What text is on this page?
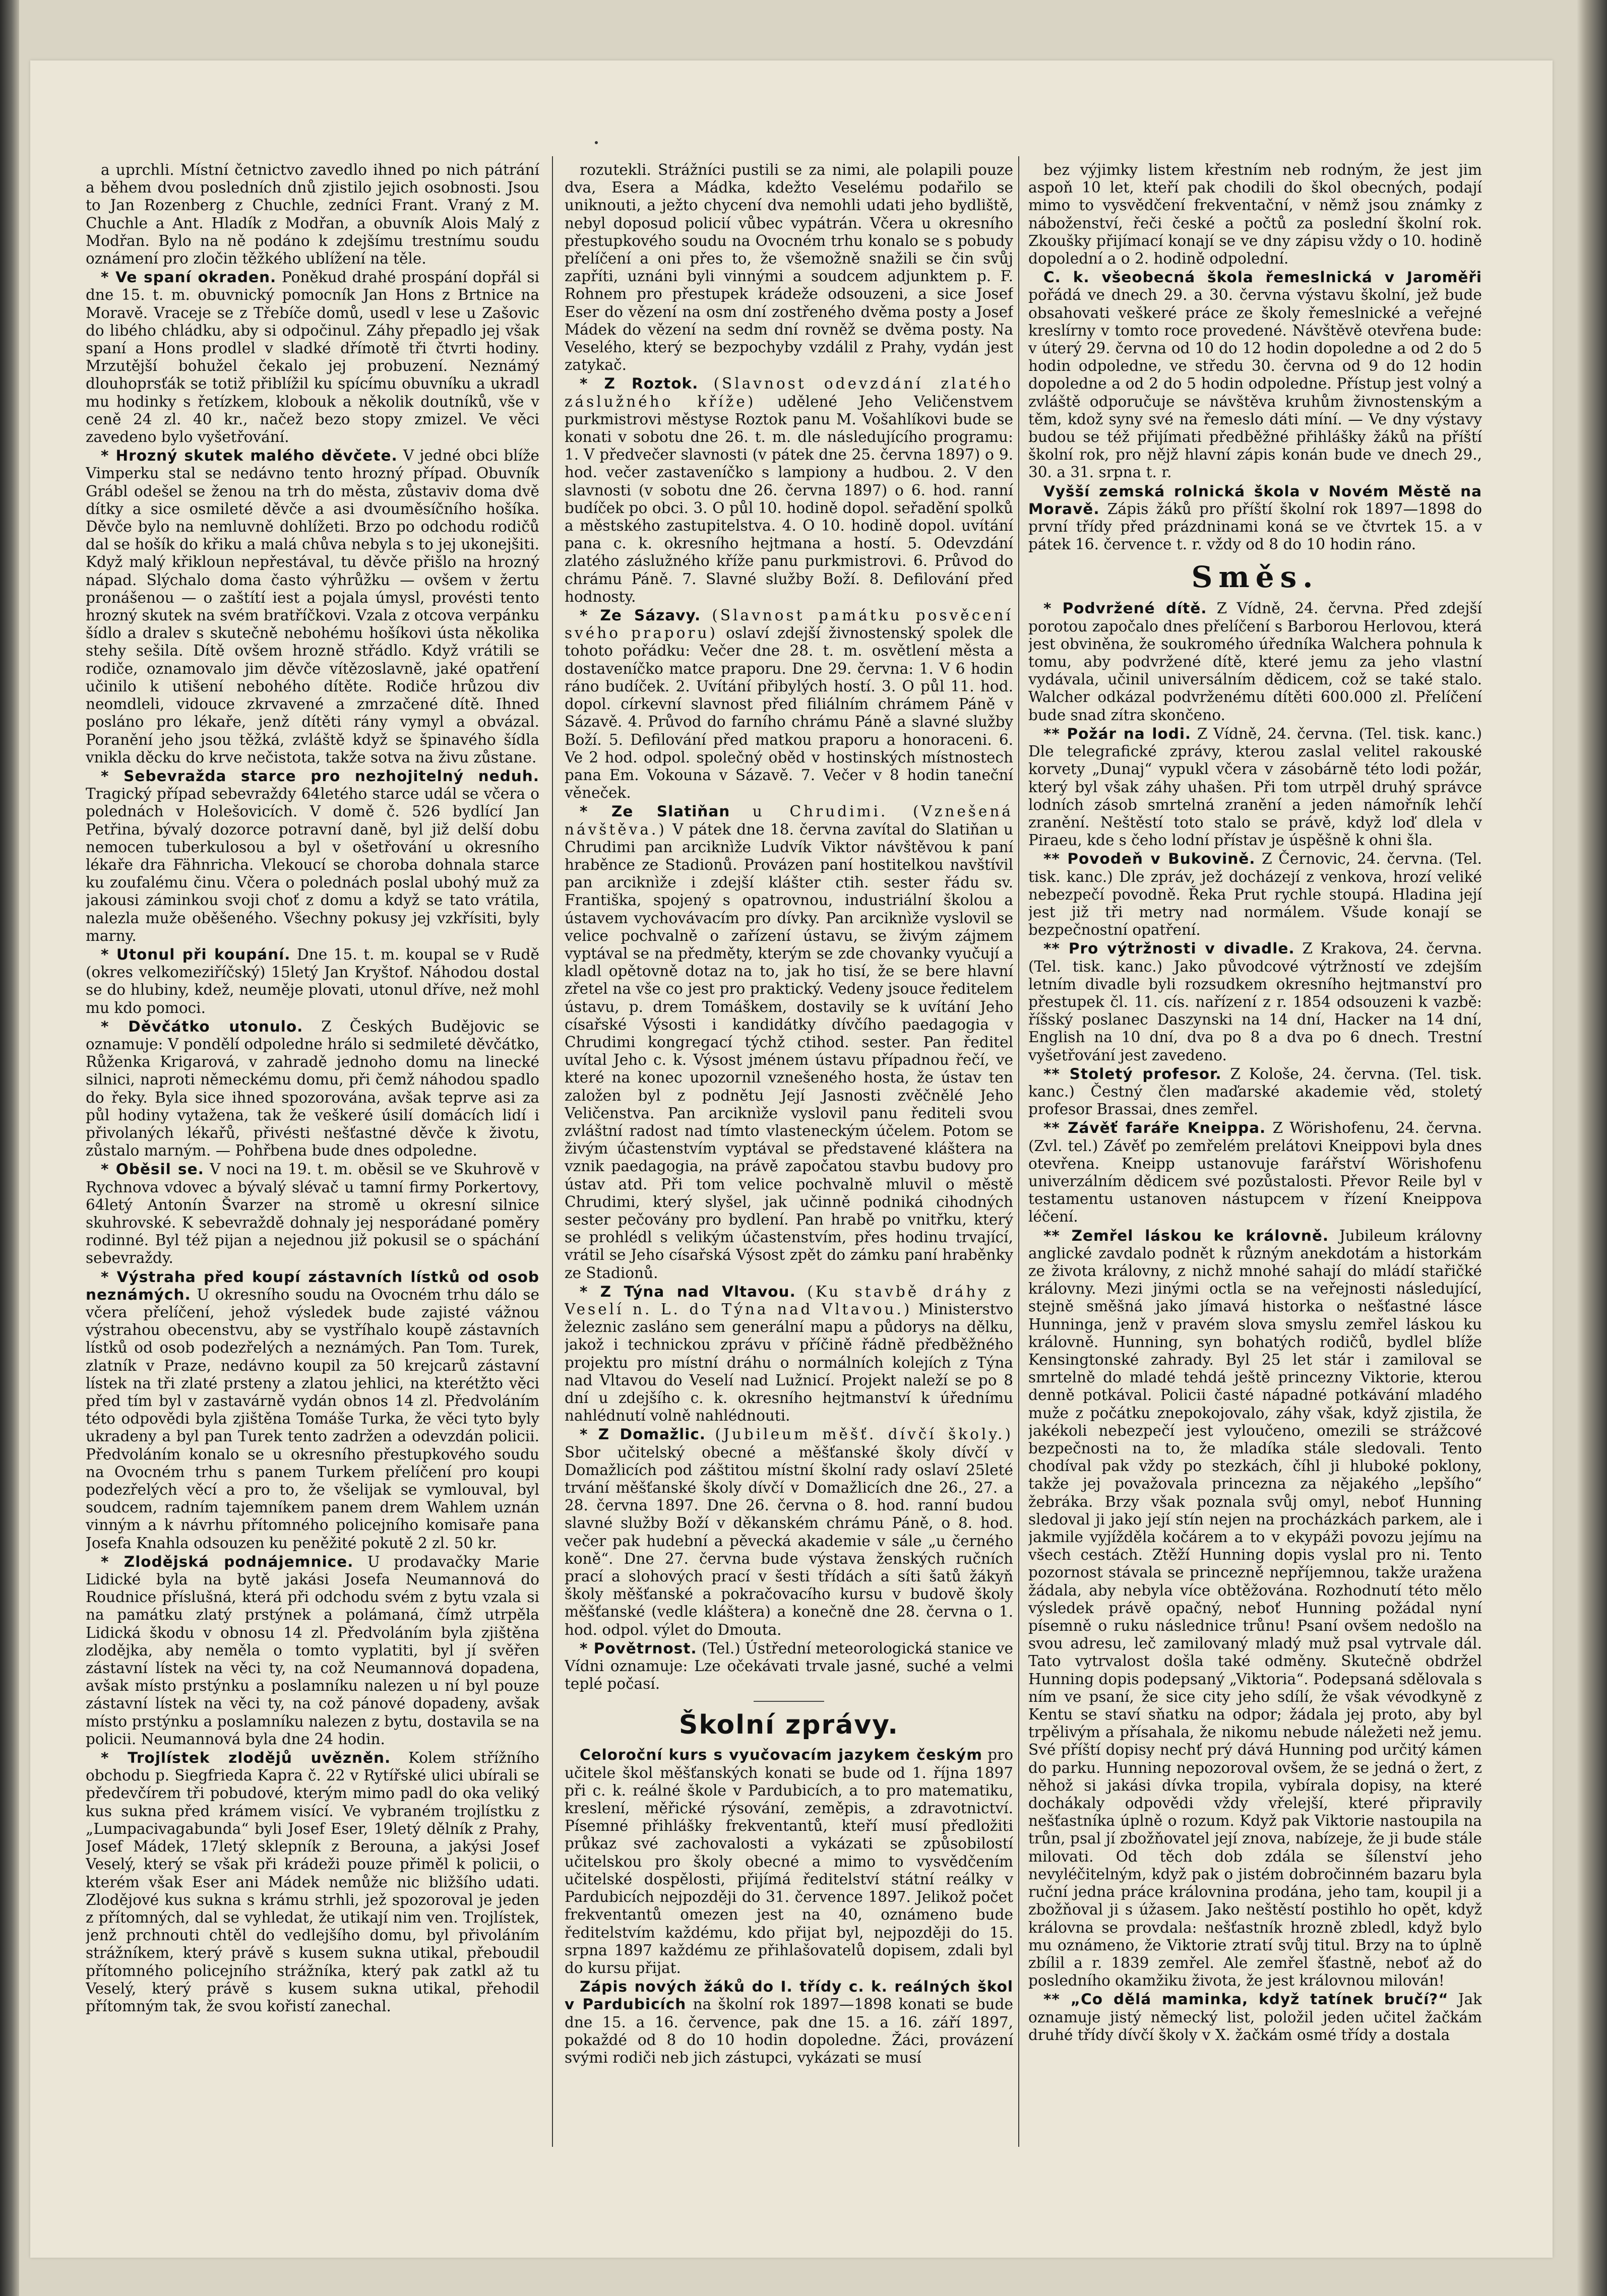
a uprchli. Místní četnictvo zavedlo ihned po nich pátrání a během dvou posledních dnů zjistilo jejich osobnosti. Jsou to Jan Rozenberg z Chuchle, zedníci Frant. Vraný z M. Chuchle a Ant. Hladík z Modřan, a obuvník Alois Malý z Modřan. Bylo na ně podáno k zdejšímu trestnímu soudu oznámení pro zločin těžkého ublížení na těle.

* Ve spaní okraden. Poněkud drahé prospání dopřál si dne 15. t. m. obuvnický pomocník Jan Hons z Brtnice na Moravě. Vraceje se z Třebíče domů, usedl v lese u Zašovic do libého chládku, aby si odpočinul. Záhy přepadlo jej však spaní a Hons prodlel v sladké dřímotě tři čtvrti hodiny. Mrzutější bohužel čekalo jej probuzení. Neznámý dlouhoprsťák se totiž přiblížil ku spícímu obuvníku a ukradl mu hodinky s řetízkem, klobouk a několik doutníků, vše v ceně 24 zl. 40 kr., načež bezo stopy zmizel. Ve věci zavedeno bylo vyšetřování.

* Hrozný skutek malého děvčete. V jedné obci blíže Vimperku stal se nedávno tento hrozný případ. Obuvník Grábl odešel se ženou na trh do města, zůstaviv doma dvě dítky a sice osmileté děvče a asi dvouměsíčního hošíka. Děvče bylo na nemluvně dohlížeti. Brzo po odchodu rodičů dal se hošík do křiku a malá chůva nebyla s to jej ukonejšiti. Když malý křikloun nepřestával, tu děvče přišlo na hrozný nápad. Slýchalo doma často výhrůžku — ovšem v žertu pronášenou — o zaštítí iest a pojala úmysl, provésti tento hrozný skutek na svém bratříčkovi. Vzala z otcova verpánku šídlo a dralev s skutečně nebohému hošíkovi ústa několika stehy sešila. Dítě ovšem hrozně střádlo. Když vrátili se rodiče, oznamovalo jim děvče vítězoslavně, jaké opatření učinilo k utišení nebohého dítěte. Rodiče hrůzou div neomdleli, vidouce zkrvavené a zmrzačené dítě. Ihned posláno pro lékaře, jenž dítěti rány vymyl a obvázal. Poranění jeho jsou těžká, zvláště když se špinavého šídla vnikla děcku do krve nečistota, takže sotva na živu zůstane.

* Sebevražda starce pro nezhojitelný neduh. Tragický případ sebevraždy 64letého starce udál se včera o polednách v Holešovicích. V domě č. 526 bydlící Jan Petřina, bývalý dozorce potravní daně, byl již delší dobu nemocen tuberkulosou a byl v ošetřování u okresního lékaře dra Fähnricha. Vlekoucí se choroba dohnala starce ku zoufalému činu. Včera o polednách poslal ubohý muž za jakousi záminkou svoji choť z domu a když se tato vrátila, nalezla muže oběšeného. Všechny pokusy jej vzkřísiti, byly marny.

* Utonul při koupání. Dne 15. t. m. koupal se v Rudě (okres velkomeziříčský) 15letý Jan Kryštof. Náhodou dostal se do hlubiny, kdež, neuměje plovati, utonul dříve, než mohl mu kdo pomoci.

* Děvčátko utonulo. Z Českých Budějovic se oznamuje: V pondělí odpoledne hrálo si sedmileté děvčátko, Růženka Krigarová, v zahradě jednoho domu na linecké silnici, naproti německému domu, při čemž náhodou spadlo do řeky. Byla sice ihned spozorována, avšak teprve asi za půl hodiny vytažena, tak že veškeré úsilí domácích lidí i přivolaných lékařů, přivésti nešťastné děvče k životu, zůstalo marným. — Pohřbena bude dnes odpoledne.

* Oběsil se. V noci na 19. t. m. oběsil se ve Skuhrově v Rychnova vdovec a bývalý slévač u tamní firmy Porkertovy, 64letý Antonín Švarzer na stromě u okresní silnice skuhrovské. K sebevraždě dohnaly jej nesporádané poměry rodinné. Byl též pijan a nejednou již pokusil se o spáchání sebevraždy.

* Výstraha před koupí zástavních lístků od osob neznámých. U okresního soudu na Ovocném trhu dálo se včera přelíčení, jehož výsledek bude zajisté vážnou výstrahou obecenstvu, aby se vystříhalo koupě zástavních lístků od osob podezřelých a neznámých. Pan Tom. Turek, zlatník v Praze, nedávno koupil za 50 krejcarů zástavní lístek na tři zlaté prsteny a zlatou jehlici, na kterétžto věci před tím byl v zastavárně vydán obnos 14 zl. Předvoláním této odpovědi byla zjištěna Tomáše Turka, že věci tyto byly ukradeny a byl pan Turek tento zadržen a odevzdán policii. Předvoláním konalo se u okresního přestupkového soudu na Ovocném trhu s panem Turkem přelíčení pro koupi podezřelých věcí a pro to, že všelijak se vymlouval, byl soudcem, radním tajemníkem panem drem Wahlem uznán vinným a k návrhu přítomného policejního komisaře pana Josefa Knahla odsouzen ku peněžité pokutě 2 zl. 50 kr.

* Zlodějská podnájemnice. U prodavačky Marie Lidické byla na bytě jakási Josefa Neumannová do Roudnice příslušná, která při odchodu svém z bytu vzala si na památku zlatý prstýnek a polámaná, čímž utrpěla Lidická škodu v obnosu 14 zl. Předvoláním byla zjištěna zlodějka, aby neměla o tomto vyplatiti, byl jí svěřen zástavní lístek na věci ty, na což Neumannová dopadena, avšak místo prstýnku a poslamníku nalezen u ní byl pouze zástavní lístek na věci ty, na což pánové dopadeny, avšak místo prstýnku a poslamníku nalezen z bytu, dostavila se na policii. Neumannová byla dne 24 hodin.

* Trojlístek zlodějů uvězněn. Kolem střížního obchodu p. Siegfrieda Kapra č. 22 v Rytířské ulici ubírali se předevčírem tři pobudové, kterým mimo padl do oka veliký kus sukna před krámem visící. Ve vybraném trojlístku z „Lumpacivagabunda“ byli Josef Eser, 19letý dělník z Prahy, Josef Mádek, 17letý sklepník z Berouna, a jakýsi Josef Veselý, který se však při krádeži pouze přiměl k policii, o kterém však Eser ani Mádek nemůže nic bližšího udati. Zlodějové kus sukna s krámu strhli, jež spozoroval je jeden z přítomných, dal se vyhledat, že utikají nim ven. Trojlístek, jenž prchnouti chtěl do vedlejšího domu, byl přivoláním strážníkem, který právě s kusem sukna utikal, přeboudil přítomného policejního strážníka, který pak zatkl až tu Veselý, který právě s kusem sukna utikal, přehodil přítomným tak, že svou kořistí zanechal.

rozutekli. Strážníci pustili se za nimi, ale polapili pouze dva, Esera a Mádka, kdežto Veselému podařilo se uniknouti, a ježto chycení dva nemohli udati jeho bydliště, nebyl doposud policií vůbec vypátrán. Včera u okresního přestupkového soudu na Ovocném trhu konalo se s pobudy přelíčení a oni přes to, že všemožně snažili se čin svůj zapříti, uznáni byli vinnými a soudcem adjunktem p. F. Rohnem pro přestupek krádeže odsouzeni, a sice Josef Eser do vězení na osm dní zostřeného dvěma posty a Josef Mádek do vězení na sedm dní rovněž se dvěma posty. Na Veselého, který se bezpochyby vzdálil z Prahy, vydán jest zatykač.

* Z Roztok. (Slavnost odevzdání zlatého záslužného kříže) udělené Jeho Veličenstvem purkmistrovi městyse Roztok panu M. Vošahlíkovi bude se konati v sobotu dne 26. t. m. dle následujícího programu: 1. V předvečer slavnosti (v pátek dne 25. června 1897) o 9. hod. večer zastaveníčko s lampiony a hudbou. 2. V den slavnosti (v sobotu dne 26. června 1897) o 6. hod. ranní budíček po obci. 3. O půl 10. hodině dopol. seřadění spolků a městského zastupitelstva. 4. O 10. hodině dopol. uvítání pana c. k. okresního hejtmana a hostí. 5. Odevzdání zlatého záslužného kříže panu purkmistrovi. 6. Průvod do chrámu Páně. 7. Slavné služby Boží. 8. Defilování před hodnosty.

* Ze Sázavy. (Slavnost památku posvěcení svého praporu) oslaví zdejší živnostenský spolek dle tohoto pořádku: Večer dne 28. t. m. osvětlení města a dostaveníčko matce praporu. Dne 29. června: 1. V 6 hodin ráno budíček. 2. Uvítání přibylých hostí. 3. O půl 11. hod. dopol. církevní slavnost před filiálním chrámem Páně v Sázavě. 4. Průvod do farního chrámu Páně a slavné služby Boží. 5. Defilování před matkou praporu a honoraceni. 6. Ve 2 hod. odpol. společný oběd v hostinských místnostech pana Em. Vokouna v Sázavě. 7. Večer v 8 hodin taneční věneček.

* Ze Slatiňan u Chrudimi. (Vznešená návštěva.) V pátek dne 18. června zavítal do Slatiňan u Chrudimi pan arciknìže Ludvík Viktor návštěvou k paní hraběnce ze Stadionů. Provázen paní hostitelkou navštívil pan arciknìže i zdejší klášter ctih. sester řádu sv. Františka, spojený s opatrovnou, industriální školou a ústavem vychovávacím pro dívky. Pan arciknìže vyslovil se velice pochvalně o zařízení ústavu, se živým zájmem vyptával se na předměty, kterým se zde chovanky vyučují a kladl opětovně dotaz na to, jak ho tisí, že se bere hlavní zřetel na vše co jest pro praktický. Vedeny jsouce ředitelem ústavu, p. drem Tomáškem, dostavily se k uvítání Jeho císařské Výsosti i kandidátky dívčího paedagogia v Chrudimi kongregací týchž ctihod. sester. Pan ředitel uvítal Jeho c. k. Výsost jménem ústavu případnou řečí, ve které na konec upozornil vznešeného hosta, že ústav ten založen byl z podnětu Její Jasnosti zvěčnělé Jeho Veličenstva. Pan arciknìže vyslovil panu řediteli svou zvláštní radost nad tímto vlasteneckým účelem. Potom se živým účastenstvím vyptával se představené klášterа na vznik paedagogia, na právě započatou stavbu budovy pro ústav atd. Při tom velice pochvalně mluvil o městě Chrudimi, který slyšel, jak učinně podniká cihodných sester pečovány pro bydlení. Pan hrabě po vnitřku, který se prohlédl s velikým účastenstvím, přes hodinu trvající, vrátil se Jeho císařská Výsost zpět do zámku paní hraběnky ze Stadionů.

* Z Týna nad Vltavou. (Ku stavbě dráhy z Veselí n. L. do Týna nad Vltavou.) Ministerstvo železnic zasláno sem generální mapu a půdorys na dělku, jakož i technickou zprávu v příčině řádně předběžného projektu pro místní dráhu o normálních kolejích z Týna nad Vltavou do Veselí nad Lužnicí. Projekt naleží se po 8 dní u zdejšího c. k. okresního hejtmanství k úřednímu nahlédnutí volně nahlédnouti.

* Z Domažlic. (Jubileum měšť. dívčí školy.) Sbor učitelský obecné a měšťanské školy dívčí v Domažlicích pod záštitou místní školní rady oslaví 25leté trvání měšťanské školy dívčí v Domažlicích dne 26., 27. a 28. června 1897. Dne 26. června o 8. hod. ranní budou slavné služby Boží v děkanském chrámu Páně, o 8. hod. večer pak hudební a pěvecká akademie v sále „u černého koně“. Dne 27. června bude výstava ženských ručních prací a slohových prací v šesti třídách a síti šatů žákyň školy měšťanské a pokračovacího kursu v budově školy měšťanské (vedle kláštera) a konečně dne 28. června o 1. hod. odpol. výlet do Dmouta.

* Povětrnost. (Tel.) Ústřední meteorologická stanice ve Vídni oznamuje: Lze očekávati trvale jasné, suché a velmi teplé počasí.

Školní zprávy.

Celoroční kurs s vyučovacím jazykem českým pro učitele škol měšťanských konati se bude od 1. října 1897 při c. k. reálné škole v Pardubicích, a to pro matematiku, kreslení, měřické rýsování, zeměpis, a zdravotnictví. Písemné přihlášky frekventantů, kteří musí předložiti průkaz své zachovalosti a vykázati se způsobilostí učitelskou pro školy obecné a mimo to vysvědčením učitelské dospělosti, přijímá ředitelství státní reálky v Pardubicích nejpozději do 31. července 1897. Jelikož počet frekventantů omezen jest na 40, oznámeno bude ředitelstvím každému, kdo přijat byl, nejpozději do 15. srpna 1897 každému ze přihlašovatelů dopisem, zdali byl do kursu přijat.

Zápis nových žáků do I. třídy c. k. reálných škol v Pardubicích na školní rok 1897—1898 konati se bude dne 15. a 16. července, pak dne 15. a 16. září 1897, pokaždé od 8 do 10 hodin dopoledne. Žáci, provázení svými rodiči neb jich zástupci, vykázati se musí

bez výjimky listem křestním neb rodným, že jest jim aspoň 10 let, kteří pak chodili do škol obecných, podají mimo to vysvědčení frekventační, v němž jsou známky z náboženství, řeči české a počtů za poslední školní rok. Zkoušky přijímací konají se ve dny zápisu vždy o 10. hodině dopolední a o 2. hodině odpolední.

C. k. všeobecná škola řemeslnická v Jaroměři pořádá ve dnech 29. a 30. června výstavu školní, jež bude obsahovati veškeré práce ze školy řemeslnické a veřejné kreslírny v tomto roce provedené. Návštěvě otevřena bude: v úterý 29. června od 10 do 12 hodin dopoledne a od 2 do 5 hodin odpoledne, ve středu 30. června od 9 do 12 hodin dopoledne a od 2 do 5 hodin odpoledne. Přístup jest volný a zvláště odporučuje se návštěva kruhům živnostenským a těm, kdož syny své na řemeslo dáti míní. — Ve dny výstavy budou se též přijímati předběžné přihlášky žáků na příští školní rok, pro nějž hlavní zápis konán bude ve dnech 29., 30. a 31. srpna t. r.

Vyšší zemská rolnická škola v Novém Městě na Moravě. Zápis žáků pro příští školní rok 1897—1898 do první třídy před prázdninami koná se ve čtvrtek 15. a v pátek 16. července t. r. vždy od 8 do 10 hodin ráno.

Směs.

* Podvržené dítě. Z Vídně, 24. června. Před zdejší porotou započalo dnes přelíčení s Barborou Herlovou, která jest obviněna, že soukromého úředníka Walchera pohnula k tomu, aby podvržené dítě, které jemu za jeho vlastní vydávala, učinil universálním dědicem, což se také stalo. Walcher odkázal podvrženému dítěti 600.000 zl. Přelíčení bude snad zítra skončeno.

** Požár na lodi. Z Vídně, 24. června. (Tel. tisk. kanc.) Dle telegrafické zprávy, kterou zaslal velitel rakouské korvety „Dunaj“ vypukl včera v zásobárně této lodi požár, který byl však záhy uhašen. Při tom utrpěl druhý správce lodních zásob smrtelná zranění a jeden námořník lehčí zranění. Neštěstí toto stalo se právě, když loď dlela v Piraeu, kde s čeho lodní přístav je úspěšně k ohni šla.

** Povodeň v Bukovině. Z Černovic, 24. června. (Tel. tisk. kanc.) Dle zpráv, jež docházejí z venkova, hrozí veliké nebezpečí povodně. Řeka Prut rychle stoupá. Hladina její jest již tři metry nad normálem. Všude konají se bezpečnostní opatření.

** Pro výtržnosti v divadle. Z Krakova, 24. června. (Tel. tisk. kanc.) Jako původcové výtržností ve zdejším letním divadle byli rozsudkem okresního hejtmanství pro přestupek čl. 11. cís. nařízení z r. 1854 odsouzeni k vazbě: říšský poslanec Daszynski na 14 dní, Hacker na 14 dní, English na 10 dní, dva po 8 a dva po 6 dnech. Trestní vyšetřování jest zavedeno.

** Stoletý profesor. Z Kološe, 24. června. (Tel. tisk. kanc.) Čestný člen maďarské akademie věd, stoletý profesor Brassai, dnes zemřel.

** Závěť faráře Kneippa. Z Wörishofenu, 24. června. (Zvl. tel.) Závěť po zemřelém prelátovi Kneippovi byla dnes otevřena. Kneipp ustanovuje farářství Wörishofenu univerzálním dědicem své pozůstalosti. Převor Reile byl v testamentu ustanoven nástupcem v řízení Kneippova léčení.

** Zemřel láskou ke královně. Jubileum královny anglické zavdalo podnět k různým anekdotám a historkám ze života královny, z nichž mnohé sahají do mládí stařičké královny. Mezi jinými octla se na veřejnosti následující, stejně směšná jako jímavá historka o nešťastné lásce Hunninga, jenž v pravém slova smyslu zemřel láskou ku královně. Hunning, syn bohatých rodičů, bydlel blíže Kensingtonské zahrady. Byl 25 let stár i zamiloval se smrtelně do mladé tehdá ještě princezny Viktorie, kterou denně potkával. Policii časté nápadné potkávání mladého muže z počátku znepokojovalo, záhy však, když zjistila, že jakékoli nebezpečí jest vyloučeno, omezili se strážcové bezpečnosti na to, že mladíka stále sledovali. Tento chodíval pak vždy po stezkách, číhl ji hluboké poklony, takže jej považovala princezna za nějakého „lepšího“ žebráka. Brzy však poznala svůj omyl, neboť Hunning sledoval ji jako její stín nejen na procházkách parkem, ale i jakmile vyjížděla kočárem a to v ekypáži povozu jejímu na všech cestách. Ztěží Hunning dopis vyslal pro ni. Tento pozornost stávala se princezně nepříjemnou, takže uražena žádala, aby nebyla více obtěžována. Rozhodnutí této mělo výsledek právě opačný, neboť Hunning požádal nyní písemně o ruku následnice trůnu! Psaní ovšem nedošlo na svou adresu, leč zamilovaný mladý muž psal vytrvale dál. Tato vytrvalost došla také odměny. Skutečně obdržel Hunning dopis podepsaný „Viktoria“. Podepsaná sdělovala s ním ve psaní, že sice city jeho sdílí, že však vévodkyně z Kentu se staví sňatku na odpor; žádala jej proto, aby byl trpělivým a přísahala, že nikomu nebude náležeti než jemu. Své příští dopisy nechť prý dává Hunning pod určitý kámen do parku. Hunning nepozoroval ovšem, že se jedná o žert, z něhož si jakási dívka tropila, vybírala dopisy, na které dochákaly odpovědi vždy vřelejší, které připravily nešťastníka úplně o rozum. Když pak Viktorie nastoupila na trůn, psal jí zbožňovatel její znova, nabízeje, že ji bude stále milovati. Od těch dob zdála se šílenství jeho nevyléčitelným, když pak o jistém dobročinném bazaru byla ruční jedna práce královnina prodána, jeho tam, koupil ji a zbožňoval ji s úžasem. Jako neštěstí postihlo ho opět, když královna se provdala: nešťastník hrozně zbledl, když bylo mu oznámeno, že Viktorie ztratí svůj titul. Brzy na to úplně zbílil a r. 1839 zemřel. Ale zemřel šťastně, neboť až do posledního okamžiku života, že jest královnou milován!

** „Co dělá maminka, když tatínek bručí?“ Jak oznamuje jistý německý list, položil jeden učitel žačkám druhé třídy dívčí školy v X. žačkám osmé třídy a dostala
